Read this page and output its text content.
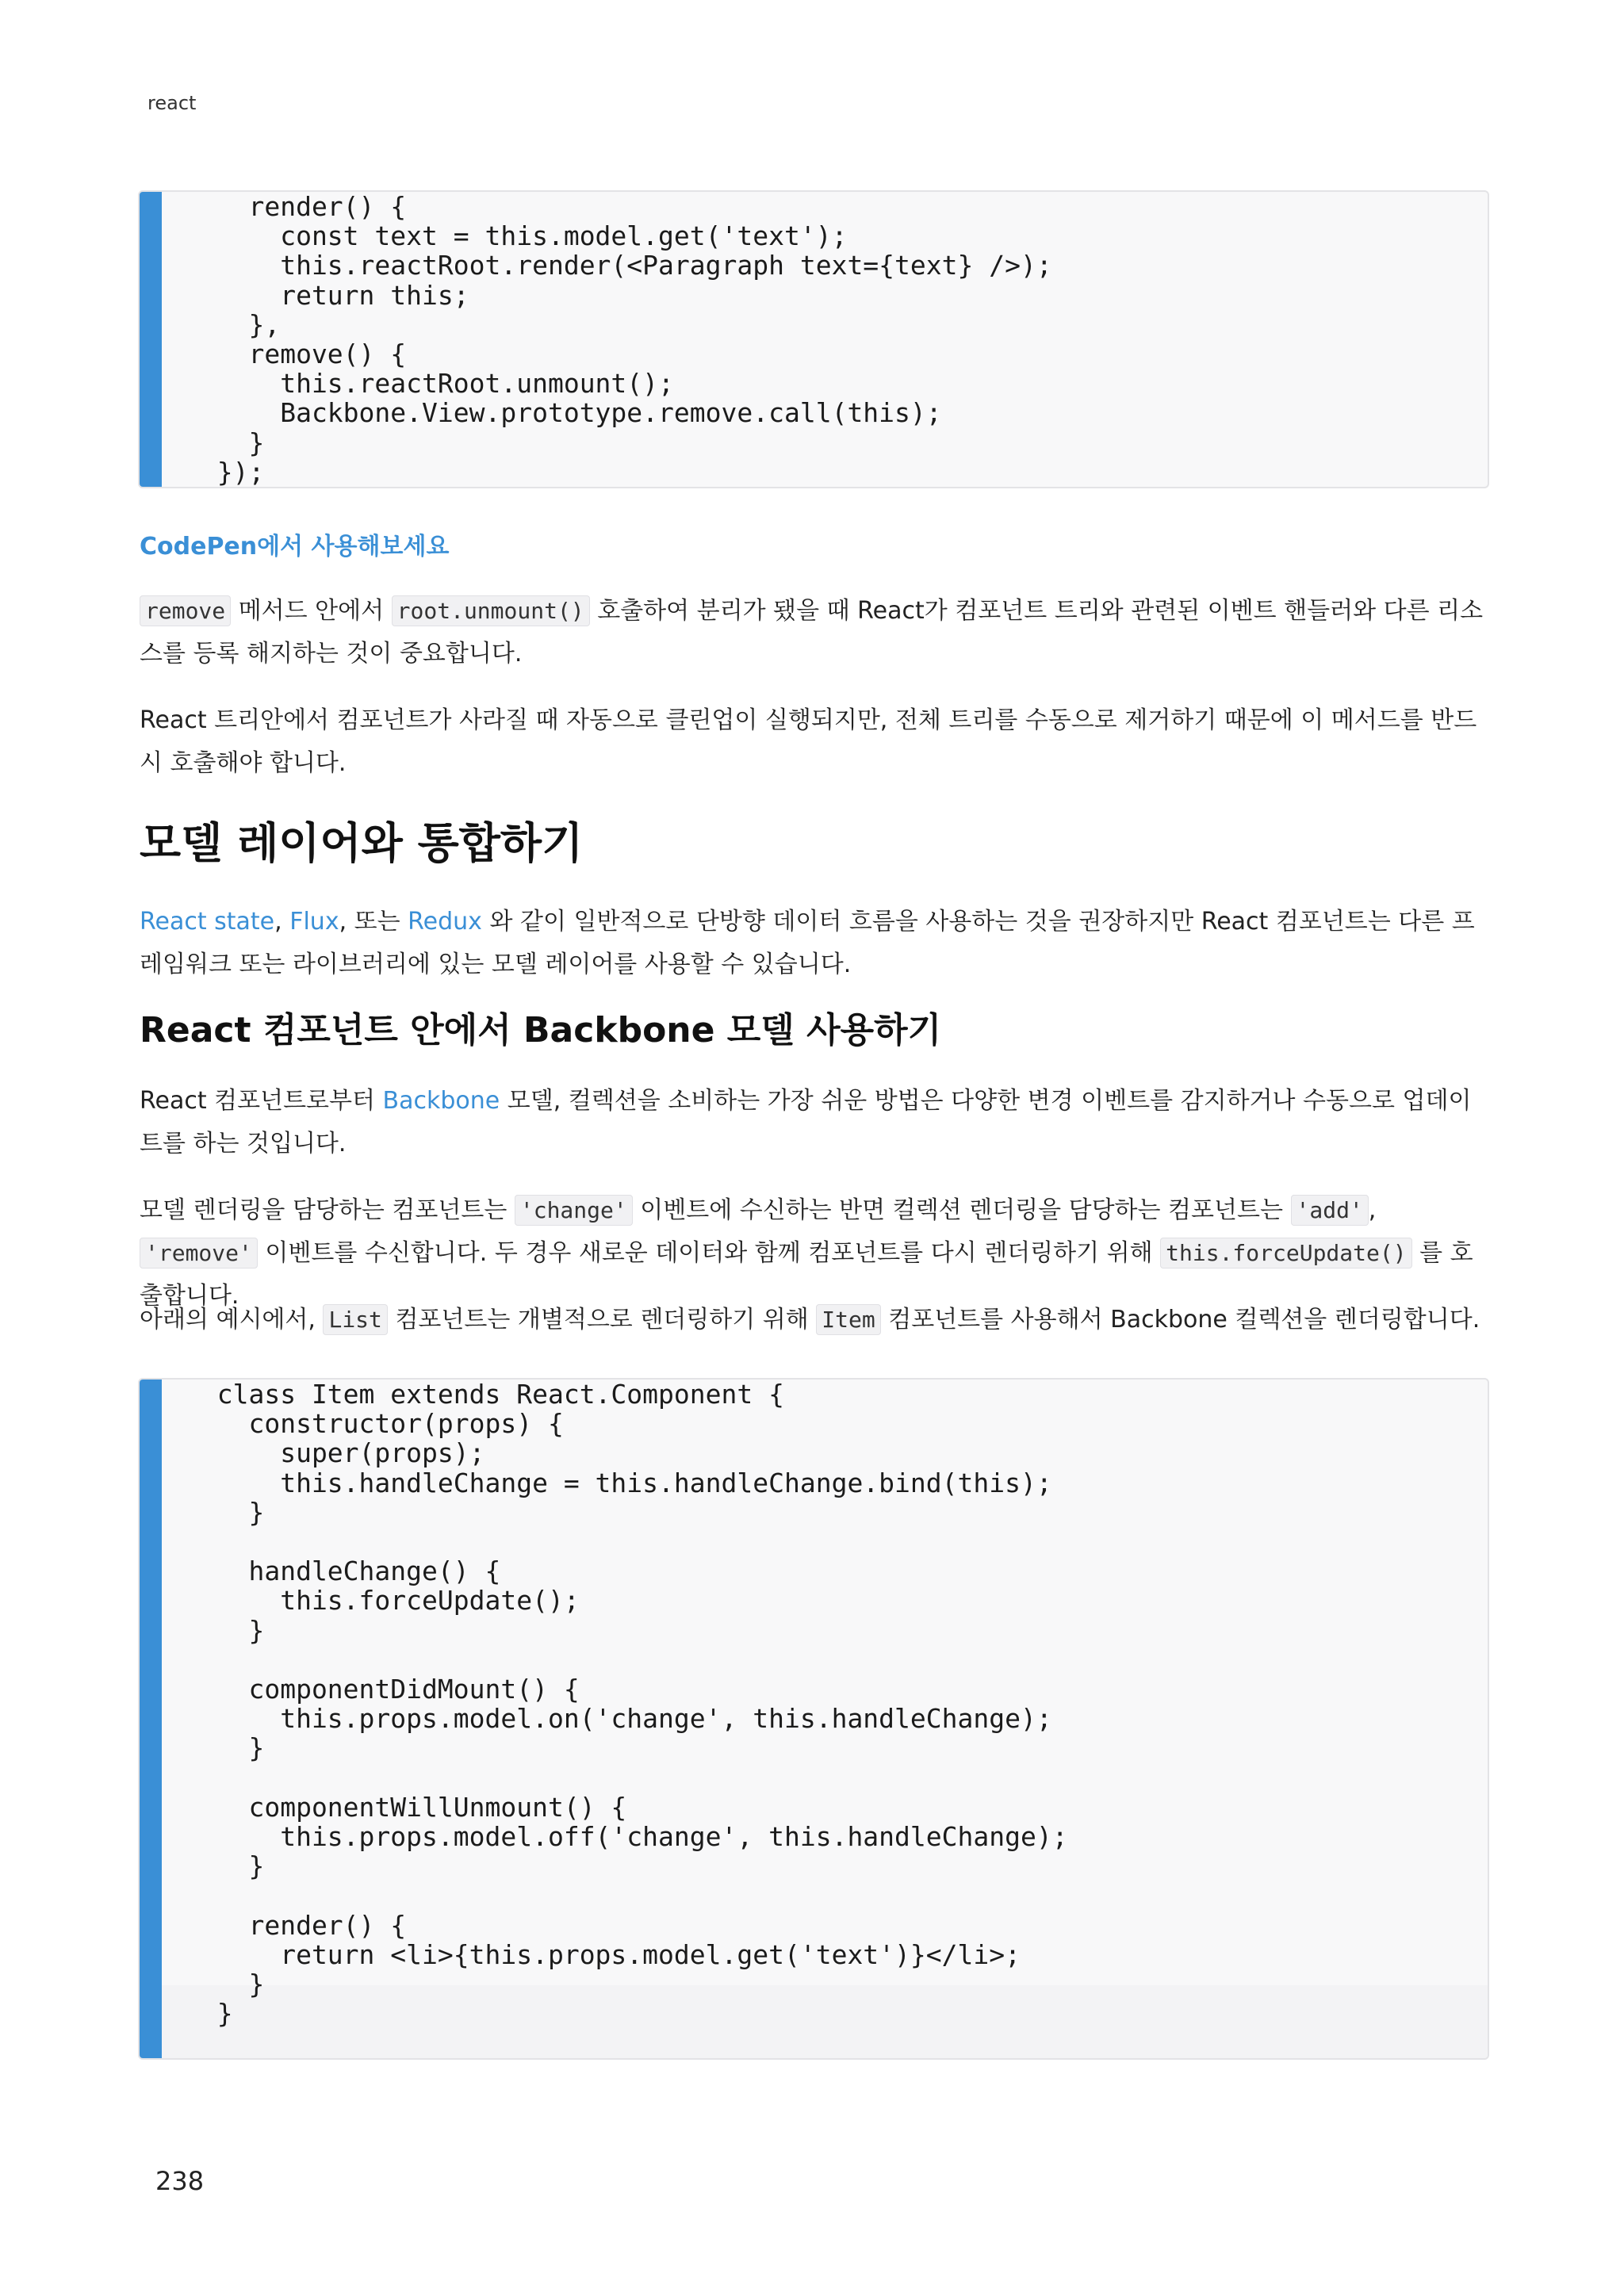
react
render() {
const text = this.model.get('text');
this.reactRoot.render(<Paragraph text={text} />);
return this;
},
remove() {
this.reactRoot.unmount();
Backbone.View.prototype.remove.call(this);
}
});
CodePen에서 사용해보세요

remove 메서드 안에서 root.unmount() 호출하여 분리가 됐을 때 React가 컴포넌트 트리와 관련된 이벤트 핸들러와 다른 리소스를 등록 해지하는 것이 중요합니다.

React 트리안에서 컴포넌트가 사라질 때 자동으로 클린업이 실행되지만, 전체 트리를 수동으로 제거하기 때문에 이 메서드를 반드시 호출해야 합니다.

모델 레이어와 통합하기

React state, Flux, 또는 Redux 와 같이 일반적으로 단방향 데이터 흐름을 사용하는 것을 권장하지만 React 컴포넌트는 다른 프레임워크 또는 라이브러리에 있는 모델 레이어를 사용할 수 있습니다.

React 컴포넌트 안에서 Backbone 모델 사용하기

React 컴포넌트로부터 Backbone 모델, 컬렉션을 소비하는 가장 쉬운 방법은 다양한 변경 이벤트를 감지하거나 수동으로 업데이트를 하는 것입니다.

모델 렌더링을 담당하는 컴포넌트는 'change' 이벤트에 수신하는 반면 컬렉션 렌더링을 담당하는 컴포넌트는 'add' , 'remove' 이벤트를 수신합니다. 두 경우 새로운 데이터와 함께 컴포넌트를 다시 렌더링하기 위해 this.forceUpdate() 를 호출합니다.

아래의 예시에서, List 컴포넌트는 개별적으로 렌더링하기 위해 Item 컴포넌트를 사용해서 Backbone 컬렉션을 렌더링합니다.

class Item extends React.Component {
constructor(props) {
super(props);
this.handleChange = this.handleChange.bind(this);
}

handleChange() {
this.forceUpdate();
}

componentDidMount() {
this.props.model.on('change', this.handleChange);
}

componentWillUnmount() {
this.props.model.off('change', this.handleChange);
}

render() {
return <li>{this.props.model.get('text')}</li>;
}
}
238
